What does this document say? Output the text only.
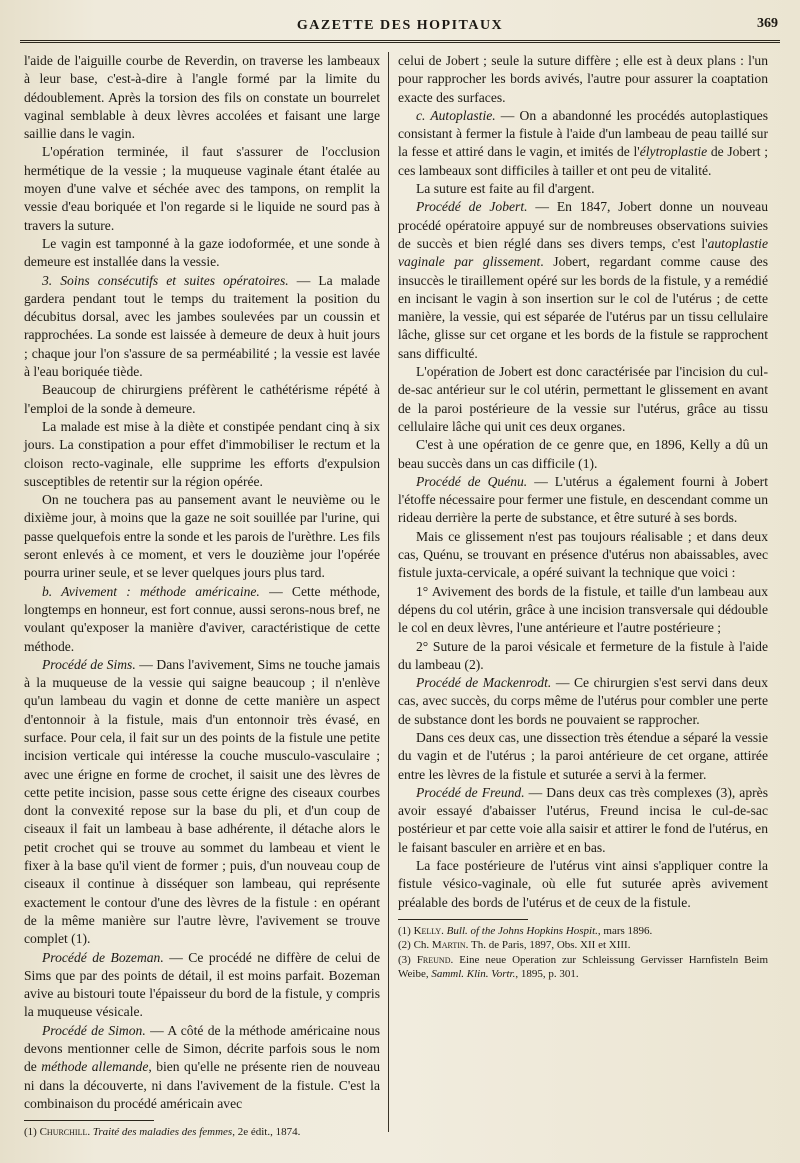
GAZETTE DES HOPITAUX	369

l'aide de l'aiguille courbe de Reverdin, on traverse les lambeaux à leur base, c'est-à-dire à l'angle formé par la limite du dédoublement. Après la torsion des fils on constate un bourrelet vaginal semblable à deux lèvres accolées et faisant une large saillie dans le vagin.

L'opération terminée, il faut s'assurer de l'occlusion hermétique de la vessie ; la muqueuse vaginale étant étalée au moyen d'une valve et séchée avec des tampons, on remplit la vessie d'eau boriquée et l'on regarde si le liquide ne sourd pas à travers la suture.

Le vagin est tamponné à la gaze iodoformée, et une sonde à demeure est installée dans la vessie.

3. Soins consécutifs et suites opératoires. — La malade gardera pendant tout le temps du traitement la position du décubitus dorsal, avec les jambes soulevées par un coussin et rapprochées. La sonde est laissée à demeure de deux à huit jours ; chaque jour l'on s'assure de sa perméabilité ; la vessie est lavée à l'eau boriquée tiède.

Beaucoup de chirurgiens préfèrent le cathétérisme répété à l'emploi de la sonde à demeure.

La malade est mise à la diète et constipée pendant cinq à six jours. La constipation a pour effet d'immobiliser le rectum et la cloison recto-vaginale, elle supprime les efforts d'expulsion susceptibles de retentir sur la région opérée.

On ne touchera pas au pansement avant le neuvième ou le dixième jour, à moins que la gaze ne soit souillée par l'urine, qui passe quelquefois entre la sonde et les parois de l'urèthre. Les fils seront enlevés à ce moment, et vers le douzième jour l'opérée pourra uriner seule, et se lever quelques jours plus tard.

b. Avivement : méthode américaine. — Cette méthode, longtemps en honneur, est fort connue, aussi serons-nous bref, ne voulant qu'exposer la manière d'aviver, caractéristique de cette méthode.

Procédé de Sims. — Dans l'avivement, Sims ne touche jamais à la muqueuse de la vessie qui saigne beaucoup ; il n'enlève qu'un lambeau du vagin et donne de cette manière un aspect d'entonnoir à la fistule, mais d'un entonnoir très évasé, en surface. Pour cela, il fait sur un des points de la fistule une petite incision verticale qui intéresse la couche musculo-vasculaire ; avec une érigne en forme de crochet, il saisit une des lèvres de cette petite incision, passe sous cette érigne des ciseaux courbes dont la convexité repose sur la base du pli, et d'un coup de ciseaux il fait un lambeau à base adhérente, il détache alors le petit crochet qui se trouve au sommet du lambeau et vient le fixer à la base qu'il vient de former ; puis, d'un nouveau coup de ciseaux il continue à disséquer son lambeau, qui représente exactement le contour d'une des lèvres de la fistule : en opérant de la même manière sur l'autre lèvre, l'avivement se trouve complet (1).

Procédé de Bozeman. — Ce procédé ne diffère de celui de Sims que par des points de détail, il est moins parfait. Bozeman avive au bistouri toute l'épaisseur du bord de la fistule, y compris la muqueuse vésicale.

Procédé de Simon. — A côté de la méthode américaine nous devons mentionner celle de Simon, décrite parfois sous le nom de méthode allemande, bien qu'elle ne présente rien de nouveau ni dans la découverte, ni dans l'avivement de la fistule. C'est la combinaison du procédé américain avec

(1) Churchill. Traité des maladies des femmes, 2e édit., 1874.

celui de Jobert ; seule la suture diffère ; elle est à deux plans : l'un pour rapprocher les bords avivés, l'autre pour assurer la coaptation exacte des surfaces.

c. Autoplastie. — On a abandonné les procédés autoplastiques consistant à fermer la fistule à l'aide d'un lambeau de peau taillé sur la fesse et attiré dans le vagin, et imités de l'élytroplastie de Jobert ; ces lambeaux sont difficiles à tailler et ont peu de vitalité.

La suture est faite au fil d'argent.

Procédé de Jobert. — En 1847, Jobert donne un nouveau procédé opératoire appuyé sur de nombreuses observations suivies de succès et bien réglé dans ses divers temps, c'est l'autoplastie vaginale par glissement. Jobert, regardant comme cause des insuccès le tiraillement opéré sur les bords de la fistule, y a remédié en incisant le vagin à son insertion sur le col de l'utérus ; de cette manière, la vessie, qui est séparée de l'utérus par un tissu cellulaire lâche, glisse sur cet organe et les bords de la fistule se rapprochent sans difficulté.

L'opération de Jobert est donc caractérisée par l'incision du cul-de-sac antérieur sur le col utérin, permettant le glissement en avant de la paroi postérieure de la vessie sur l'utérus, grâce au tissu cellulaire lâche qui unit ces deux organes.

C'est à une opération de ce genre que, en 1896, Kelly a dû un beau succès dans un cas difficile (1).

Procédé de Quénu. — L'utérus a également fourni à Jobert l'étoffe nécessaire pour fermer une fistule, en descendant comme un rideau derrière la perte de substance, et être suturé à ses bords.

Mais ce glissement n'est pas toujours réalisable ; et dans deux cas, Quénu, se trouvant en présence d'utérus non abaissables, avec fistule juxta-cervicale, a opéré suivant la technique que voici :

1° Avivement des bords de la fistule, et taille d'un lambeau aux dépens du col utérin, grâce à une incision transversale qui dédouble le col en deux lèvres, l'une antérieure et l'autre postérieure ;

2° Suture de la paroi vésicale et fermeture de la fistule à l'aide du lambeau (2).

Procédé de Mackenrodt. — Ce chirurgien s'est servi dans deux cas, avec succès, du corps même de l'utérus pour combler une perte de substance dont les bords ne pouvaient se rapprocher.

Dans ces deux cas, une dissection très étendue a séparé la vessie du vagin et de l'utérus ; la paroi antérieure de cet organe, attirée entre les lèvres de la fistule et suturée a servi à la fermer.

Procédé de Freund. — Dans deux cas très complexes (3), après avoir essayé d'abaisser l'utérus, Freund incisa le cul-de-sac postérieur et par cette voie alla saisir et attirer le fond de l'utérus, en le faisant basculer en arrière et en bas.

La face postérieure de l'utérus vint ainsi s'appliquer contre la fistule vésico-vaginale, où elle fut suturée après avivement préalable des bords de l'utérus et de ceux de la fistule.

(1) Kelly. Bull. of the Johns Hopkins Hospit., mars 1896.

(2) Ch. Martin. Th. de Paris, 1897, Obs. XII et XIII.

(3) Freund. Eine neue Operation zur Schleissung Gervisser Harnfisteln Beim Weibe, Samml. Klin. Vortr., 1895, p. 301.
